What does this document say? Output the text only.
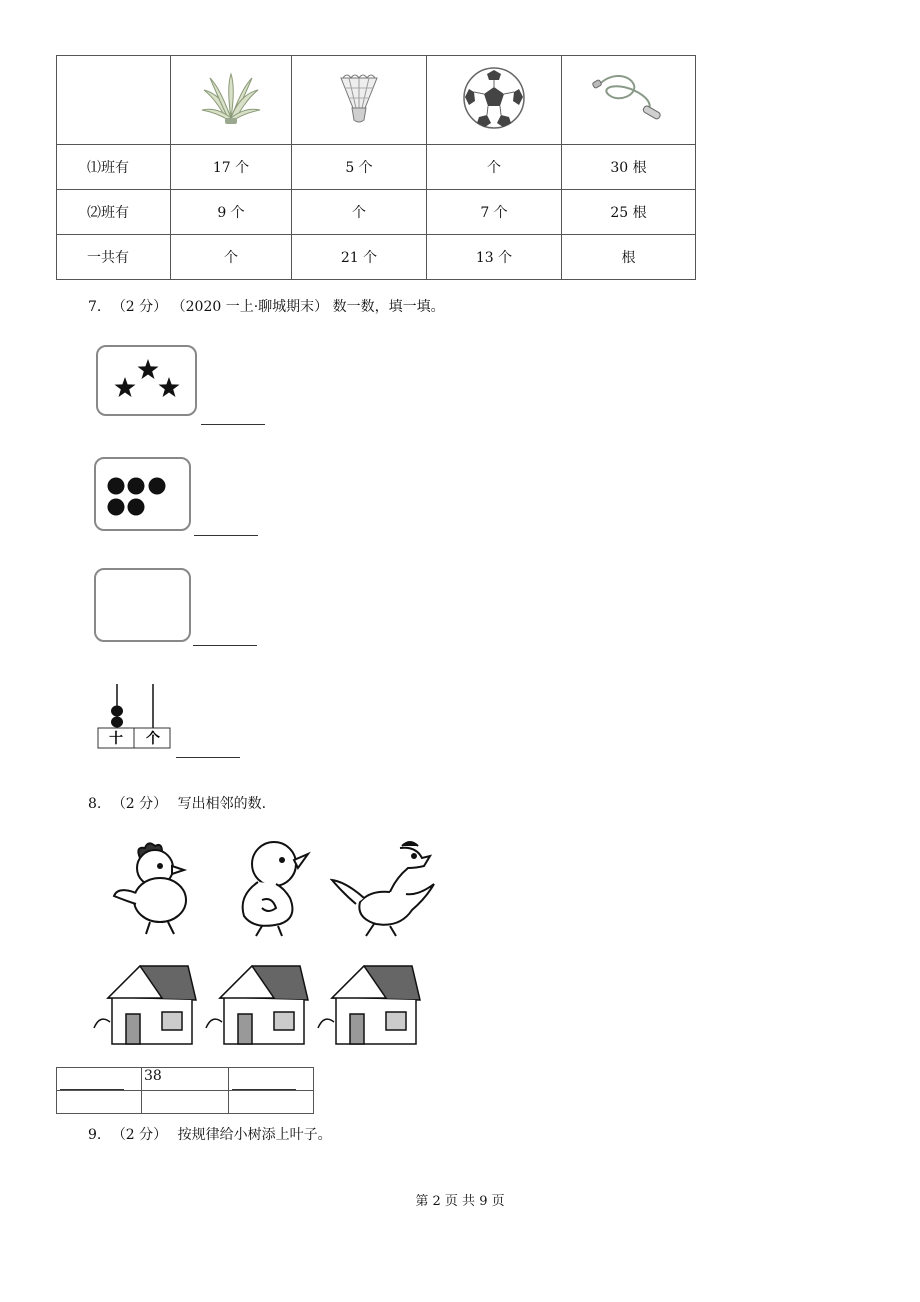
⑴班有	17 个	5 个	个	30 根
⑵班有	9 个	个	7 个	25 根
一共有	个	21 个	13 个	根
7. （2 分） （2020 一上·聊城期末） 数一数，填一填。
十 个
8. （2 分） 写出相邻的数.
	38	

9. （2 分） 按规律给小树添上叶子。
第 2 页 共 9 页
